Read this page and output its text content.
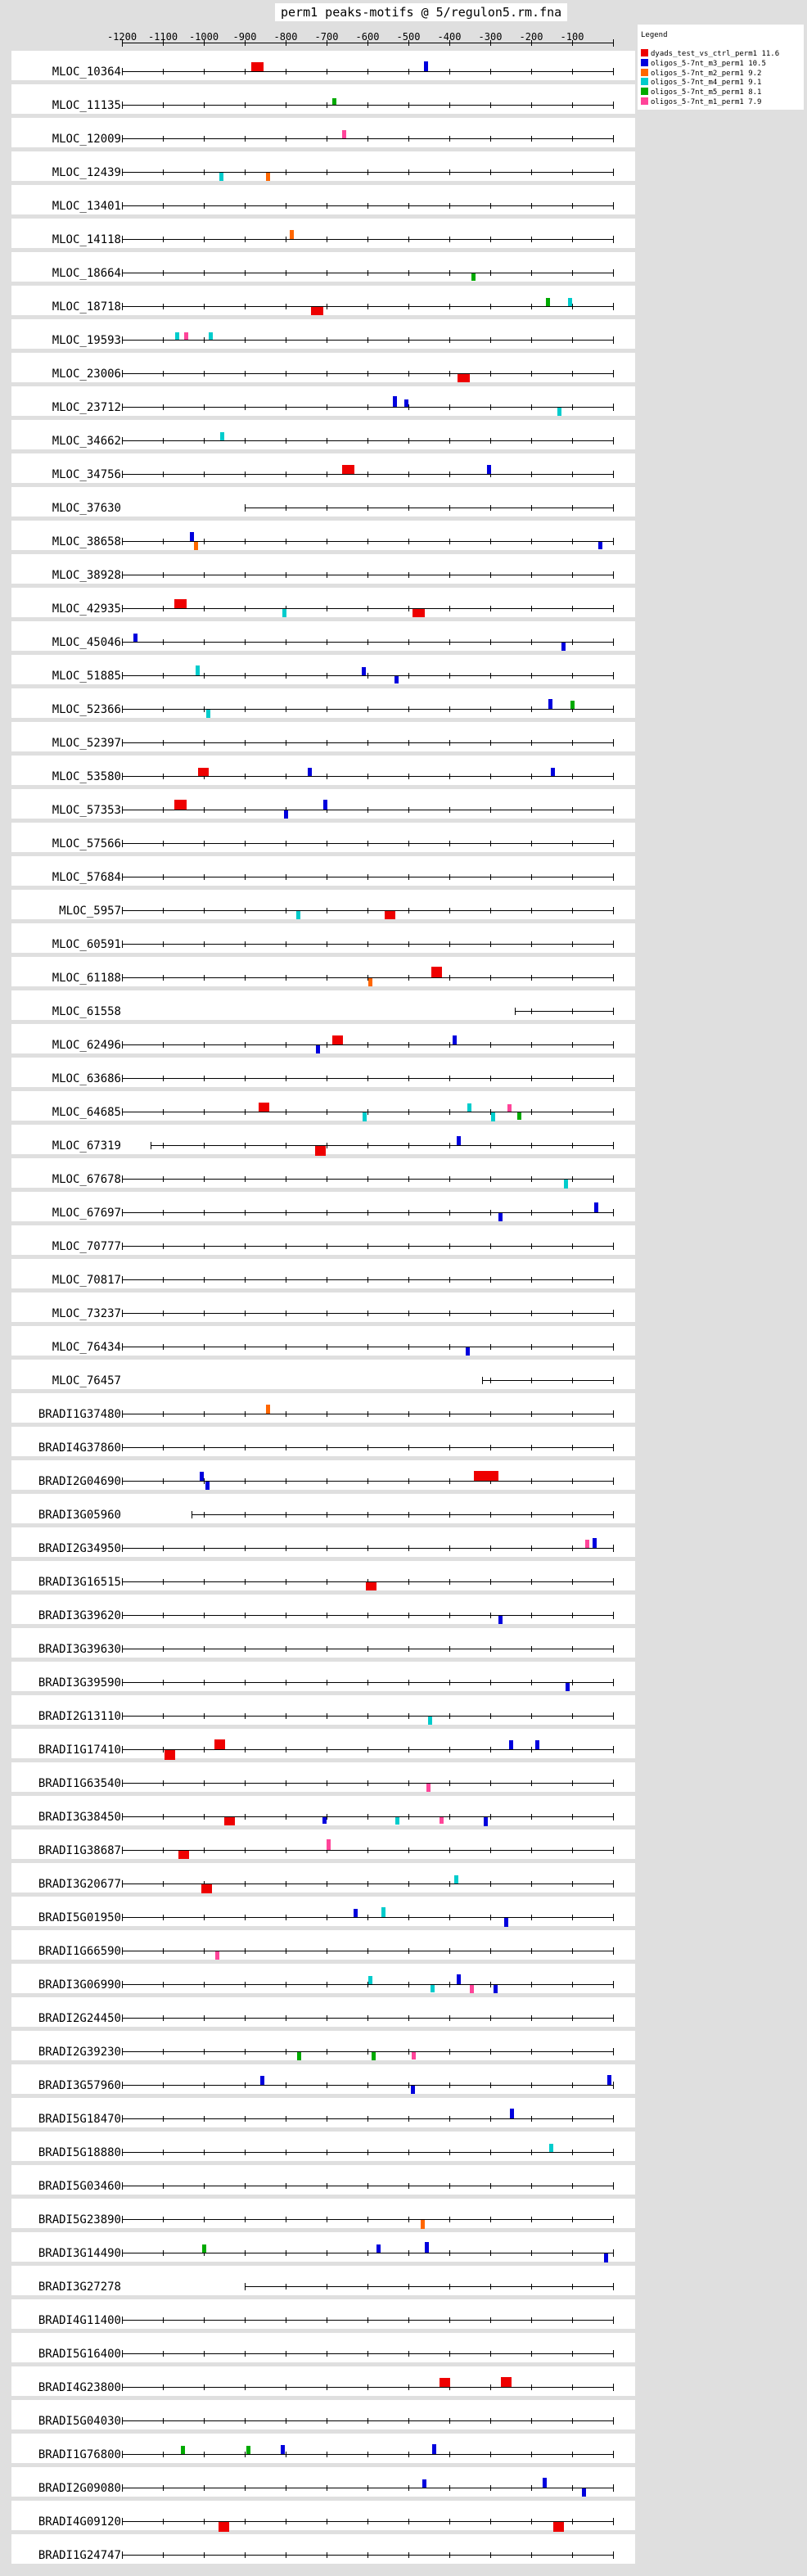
perm1 peaks-motifs @ 5/regulon5.rm.fna
-1200 -1100 -1000 -900 -800 -700 -600 -500 -400 -300 -200 -100	Legend
dyads_test_vs_ctrl_perm1 11.6
oligos_5-7nt_m3_perm1 10.5
oligos_5-7nt_m2_perm1 9.2
oligos_5-7nt_m4_perm1 9.1
oligos_5-7nt_m5_perm1 8.1
oligos_5-7nt_m1_perm1 7.9
MLOC_10364
MLOC_11135
MLOC_12009
MLOC_12439
MLOC_13401
MLOC_14118
MLOC_18664
MLOC_18718
MLOC_19593
MLOC_23006
MLOC_23712
MLOC_34662
MLOC_34756
MLOC_37630
MLOC_38658
MLOC_38928
MLOC_42935
MLOC_45046
MLOC_51885
MLOC_52366
MLOC_52397
MLOC_53580
MLOC_57353
MLOC_57566
MLOC_57684
MLOC_5957
MLOC_60591
MLOC_61188
MLOC_61558
MLOC_62496
MLOC_63686
MLOC_64685
MLOC_67319
MLOC_67678
MLOC_67697
MLOC_70777
MLOC_70817
MLOC_73237
MLOC_76434
MLOC_76457
BRADI1G37480
BRADI4G37860
BRADI2G04690
BRADI3G05960
BRADI2G34950
BRADI3G16515
BRADI3G39620
BRADI3G39630
BRADI3G39590
BRADI2G13110
BRADI1G17410
BRADI1G63540
BRADI3G38450
BRADI1G38687
BRADI3G20677
BRADI5G01950
BRADI1G66590
BRADI3G06990
BRADI2G24450
BRADI2G39230
BRADI3G57960
BRADI5G18470
BRADI5G18880
BRADI5G03460
BRADI5G23890
BRADI3G14490
BRADI3G27278
BRADI4G11400
BRADI5G16400
BRADI4G23800
BRADI5G04030
BRADI1G76800
BRADI2G09080
BRADI4G09120
BRADI1G24747
